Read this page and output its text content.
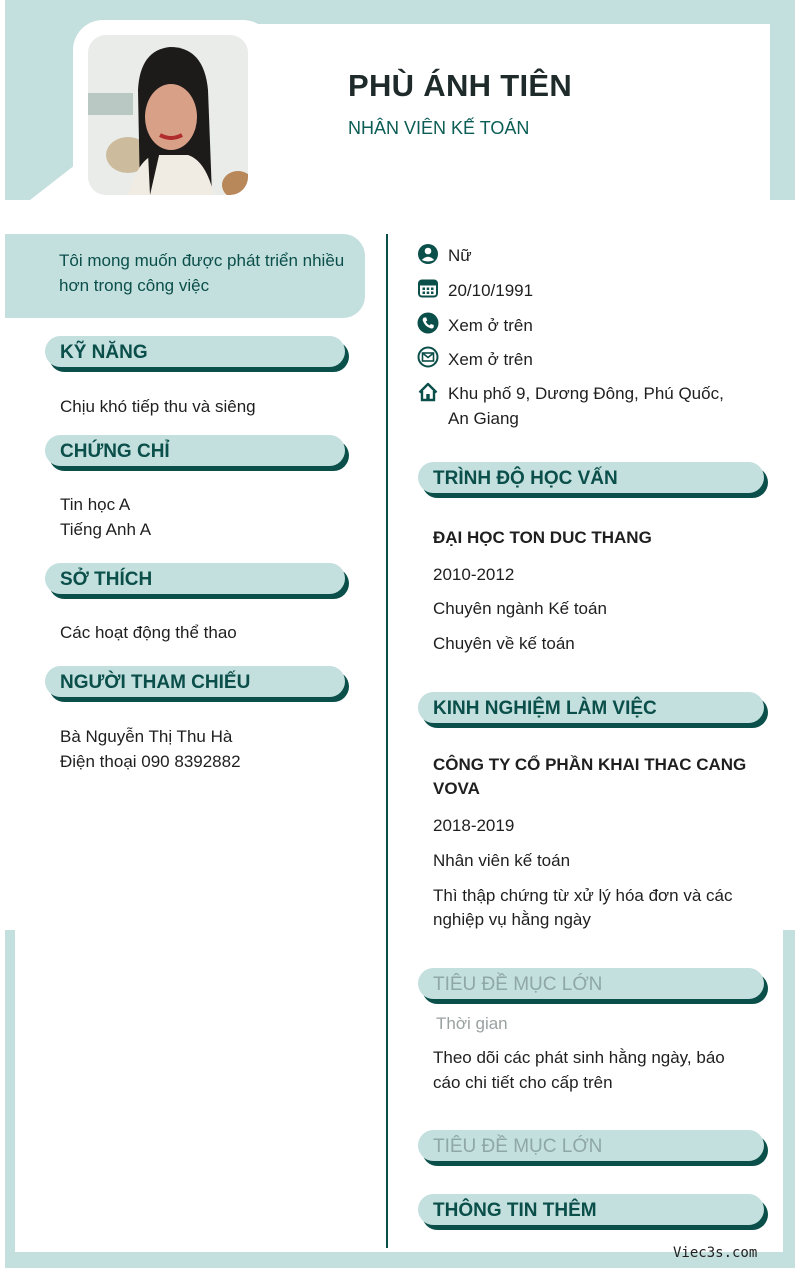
PHÙ ÁNH TIÊN
NHÂN VIÊN KẾ TOÁN
Tôi mong muốn được phát triển nhiều
hơn trong công việc
KỸ NĂNG
Chịu khó tiếp thu và siêng
CHỨNG CHỈ
Tin học A
Tiếng Anh A
SỞ THÍCH
Các hoạt động thể thao
NGƯỜI THAM CHIẾU
Bà Nguyễn Thị Thu Hà
Điện thoại 090 8392882
Nữ
20/10/1991
Xem ở trên
Xem ở trên
Khu phố 9, Dương Đông, Phú Quốc,
An Giang
TRÌNH ĐỘ HỌC VẤN
ĐẠI HỌC TON DUC THANG
2010-2012
Chuyên ngành Kế toán
Chuyên về kế toán
KINH NGHIỆM LÀM VIỆC
CÔNG TY CỔ PHẦN KHAI THAC CANG
VOVA
2018-2019
Nhân viên kế toán
Thì thập chứng từ xử lý hóa đơn và các
nghiệp vụ hằng ngày
TIÊU ĐỀ MỤC LỚN
Thời gian
Theo dõi các phát sinh hằng ngày, báo
cáo chi tiết cho cấp trên
TIÊU ĐỀ MỤC LỚN
THÔNG TIN THÊM
Viec3s.com
